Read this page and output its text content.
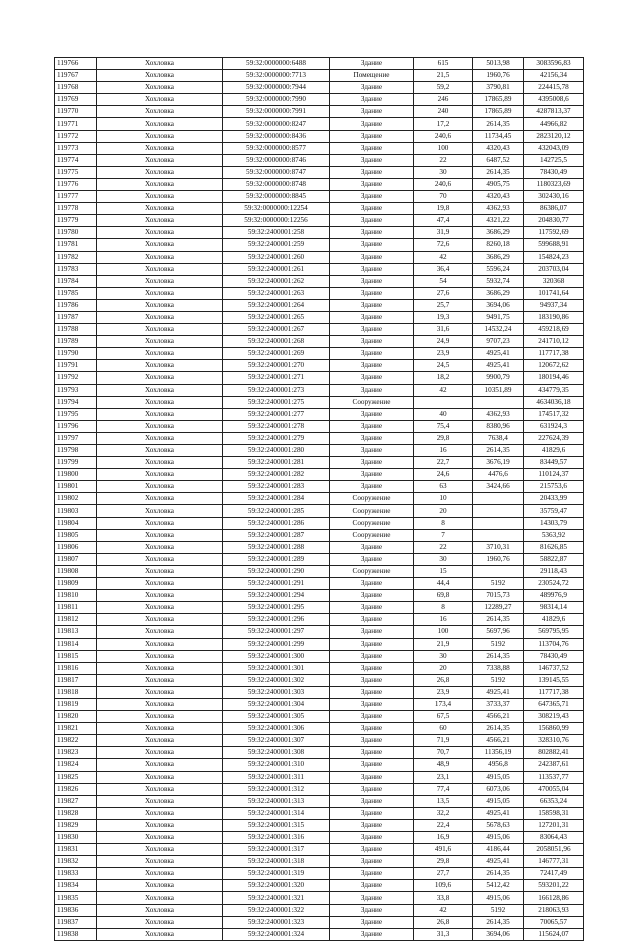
119766	Хохловка	59:32:0000000:6488	Здание	615	5013,98	3083596,83
119767	Хохловка	59:32:0000000:7713	Помещение	21,5	1960,76	42156,34
119768	Хохловка	59:32:0000000:7944	Здание	59,2	3790,81	224415,78
119769	Хохловка	59:32:0000000:7990	Здание	246	17865,89	4395008,6
119770	Хохловка	59:32:0000000:7991	Здание	240	17865,89	4287813,37
119771	Хохловка	59:32:0000000:8247	Здание	17,2	2614,35	44966,82
119772	Хохловка	59:32:0000000:8436	Здание	240,6	11734,45	2823120,12
119773	Хохловка	59:32:0000000:8577	Здание	100	4320,43	432043,09
119774	Хохловка	59:32:0000000:8746	Здание	22	6487,52	142725,5
119775	Хохловка	59:32:0000000:8747	Здание	30	2614,35	78430,49
119776	Хохловка	59:32:0000000:8748	Здание	240,6	4905,75	1180323,69
119777	Хохловка	59:32:0000000:8845	Здание	70	4320,43	302430,16
119778	Хохловка	59:32:0000000:12254	Здание	19,8	4362,93	86386,07
119779	Хохловка	59:32:0000000:12256	Здание	47,4	4321,22	204830,77
119780	Хохловка	59:32:2400001:258	Здание	31,9	3686,29	117592,69
119781	Хохловка	59:32:2400001:259	Здание	72,6	8260,18	599688,91
119782	Хохловка	59:32:2400001:260	Здание	42	3686,29	154824,23
119783	Хохловка	59:32:2400001:261	Здание	36,4	5596,24	203703,04
119784	Хохловка	59:32:2400001:262	Здание	54	5932,74	320368
119785	Хохловка	59:32:2400001:263	Здание	27,6	3686,29	101741,64
119786	Хохловка	59:32:2400001:264	Здание	25,7	3694,06	94937,34
119787	Хохловка	59:32:2400001:265	Здание	19,3	9491,75	183190,86
119788	Хохловка	59:32:2400001:267	Здание	31,6	14532,24	459218,69
119789	Хохловка	59:32:2400001:268	Здание	24,9	9707,23	241710,12
119790	Хохловка	59:32:2400001:269	Здание	23,9	4925,41	117717,38
119791	Хохловка	59:32:2400001:270	Здание	24,5	4925,41	120672,62
119792	Хохловка	59:32:2400001:271	Здание	18,2	9900,79	180194,46
119793	Хохловка	59:32:2400001:273	Здание	42	10351,89	434779,35
119794	Хохловка	59:32:2400001:275	Сооружение			4634036,18
119795	Хохловка	59:32:2400001:277	Здание	40	4362,93	174517,32
119796	Хохловка	59:32:2400001:278	Здание	75,4	8380,96	631924,3
119797	Хохловка	59:32:2400001:279	Здание	29,8	7638,4	227624,39
119798	Хохловка	59:32:2400001:280	Здание	16	2614,35	41829,6
119799	Хохловка	59:32:2400001:281	Здание	22,7	3676,19	83449,57
119800	Хохловка	59:32:2400001:282	Здание	24,6	4476,6	110124,37
119801	Хохловка	59:32:2400001:283	Здание	63	3424,66	215753,6
119802	Хохловка	59:32:2400001:284	Сооружение	10		20433,99
119803	Хохловка	59:32:2400001:285	Сооружение	20		35759,47
119804	Хохловка	59:32:2400001:286	Сооружение	8		14303,79
119805	Хохловка	59:32:2400001:287	Сооружение	7		5363,92
119806	Хохловка	59:32:2400001:288	Здание	22	3710,31	81626,85
119807	Хохловка	59:32:2400001:289	Здание	30	1960,76	58822,87
119808	Хохловка	59:32:2400001:290	Сооружение	15		29118,43
119809	Хохловка	59:32:2400001:291	Здание	44,4	5192	230524,72
119810	Хохловка	59:32:2400001:294	Здание	69,8	7015,73	489976,9
119811	Хохловка	59:32:2400001:295	Здание	8	12289,27	98314,14
119812	Хохловка	59:32:2400001:296	Здание	16	2614,35	41829,6
119813	Хохловка	59:32:2400001:297	Здание	100	5697,96	569795,95
119814	Хохловка	59:32:2400001:299	Здание	21,9	5192	113704,76
119815	Хохловка	59:32:2400001:300	Здание	30	2614,35	78430,49
119816	Хохловка	59:32:2400001:301	Здание	20	7338,88	146737,52
119817	Хохловка	59:32:2400001:302	Здание	26,8	5192	139145,55
119818	Хохловка	59:32:2400001:303	Здание	23,9	4925,41	117717,38
119819	Хохловка	59:32:2400001:304	Здание	173,4	3733,37	647365,71
119820	Хохловка	59:32:2400001:305	Здание	67,5	4566,21	308219,43
119821	Хохловка	59:32:2400001:306	Здание	60	2614,35	156860,99
119822	Хохловка	59:32:2400001:307	Здание	71,9	4566,21	328310,76
119823	Хохловка	59:32:2400001:308	Здание	70,7	11356,19	802882,41
119824	Хохловка	59:32:2400001:310	Здание	48,9	4956,8	242387,61
119825	Хохловка	59:32:2400001:311	Здание	23,1	4915,05	113537,77
119826	Хохловка	59:32:2400001:312	Здание	77,4	6073,06	470055,04
119827	Хохловка	59:32:2400001:313	Здание	13,5	4915,05	66353,24
119828	Хохловка	59:32:2400001:314	Здание	32,2	4925,41	158598,31
119829	Хохловка	59:32:2400001:315	Здание	22,4	5678,63	127201,31
119830	Хохловка	59:32:2400001:316	Здание	16,9	4915,06	83064,43
119831	Хохловка	59:32:2400001:317	Здание	491,6	4186,44	2058051,96
119832	Хохловка	59:32:2400001:318	Здание	29,8	4925,41	146777,31
119833	Хохловка	59:32:2400001:319	Здание	27,7	2614,35	72417,49
119834	Хохловка	59:32:2400001:320	Здание	109,6	5412,42	593201,22
119835	Хохловка	59:32:2400001:321	Здание	33,8	4915,06	166128,86
119836	Хохловка	59:32:2400001:322	Здание	42	5192	218063,93
119837	Хохловка	59:32:2400001:323	Здание	26,8	2614,35	70065,57
119838	Хохловка	59:32:2400001:324	Здание	31,3	3694,06	115624,07
